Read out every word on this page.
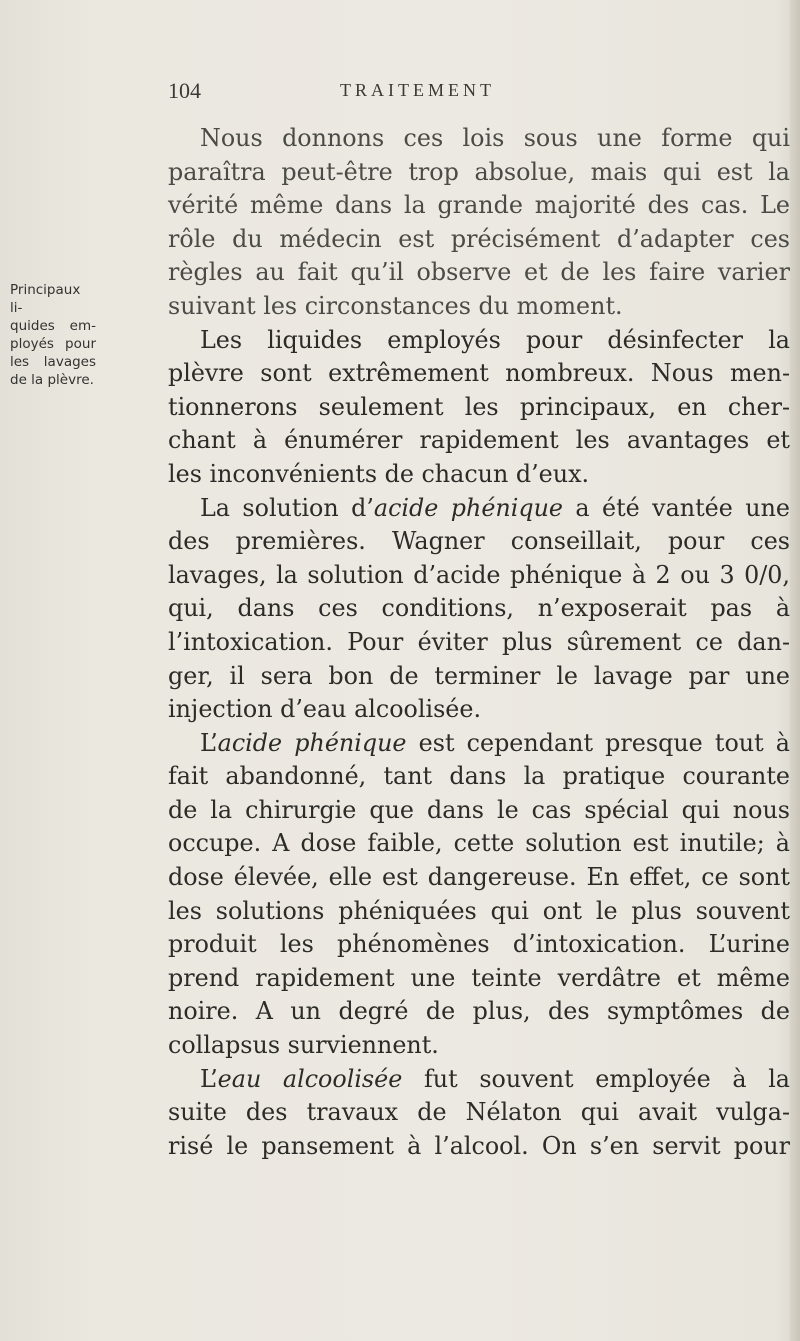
104	TRAITEMENT
Principaux li-
quides em-
ployés pour
les lavages
de la plèvre.
Nous donnons ces lois sous une forme qui
paraîtra peut-être trop absolue, mais qui est la
vérité même dans la grande majorité des cas. Le
rôle du médecin est précisément d’adapter ces
règles au fait qu’il observe et de les faire varier
suivant les circonstances du moment.
Les liquides employés pour désinfecter la
plèvre sont extrêmement nombreux. Nous men-
tionnerons seulement les principaux, en cher-
chant à énumérer rapidement les avantages et
les inconvénients de chacun d’eux.
La solution d’acide phénique a été vantée une
des premières. Wagner conseillait, pour ces
lavages, la solution d’acide phénique à 2 ou 3 0/0,
qui, dans ces conditions, n’exposerait pas à
l’intoxication. Pour éviter plus sûrement ce dan-
ger, il sera bon de terminer le lavage par une
injection d’eau alcoolisée.
L’acide phénique est cependant presque tout à
fait abandonné, tant dans la pratique courante
de la chirurgie que dans le cas spécial qui nous
occupe. A dose faible, cette solution est inutile; à
dose élevée, elle est dangereuse. En effet, ce sont
les solutions phéniquées qui ont le plus souvent
produit les phénomènes d’intoxication. L’urine
prend rapidement une teinte verdâtre et même
noire. A un degré de plus, des symptômes de
collapsus surviennent.
L’eau alcoolisée fut souvent employée à la
suite des travaux de Nélaton qui avait vulga-
risé le pansement à l’alcool. On s’en servit pour
